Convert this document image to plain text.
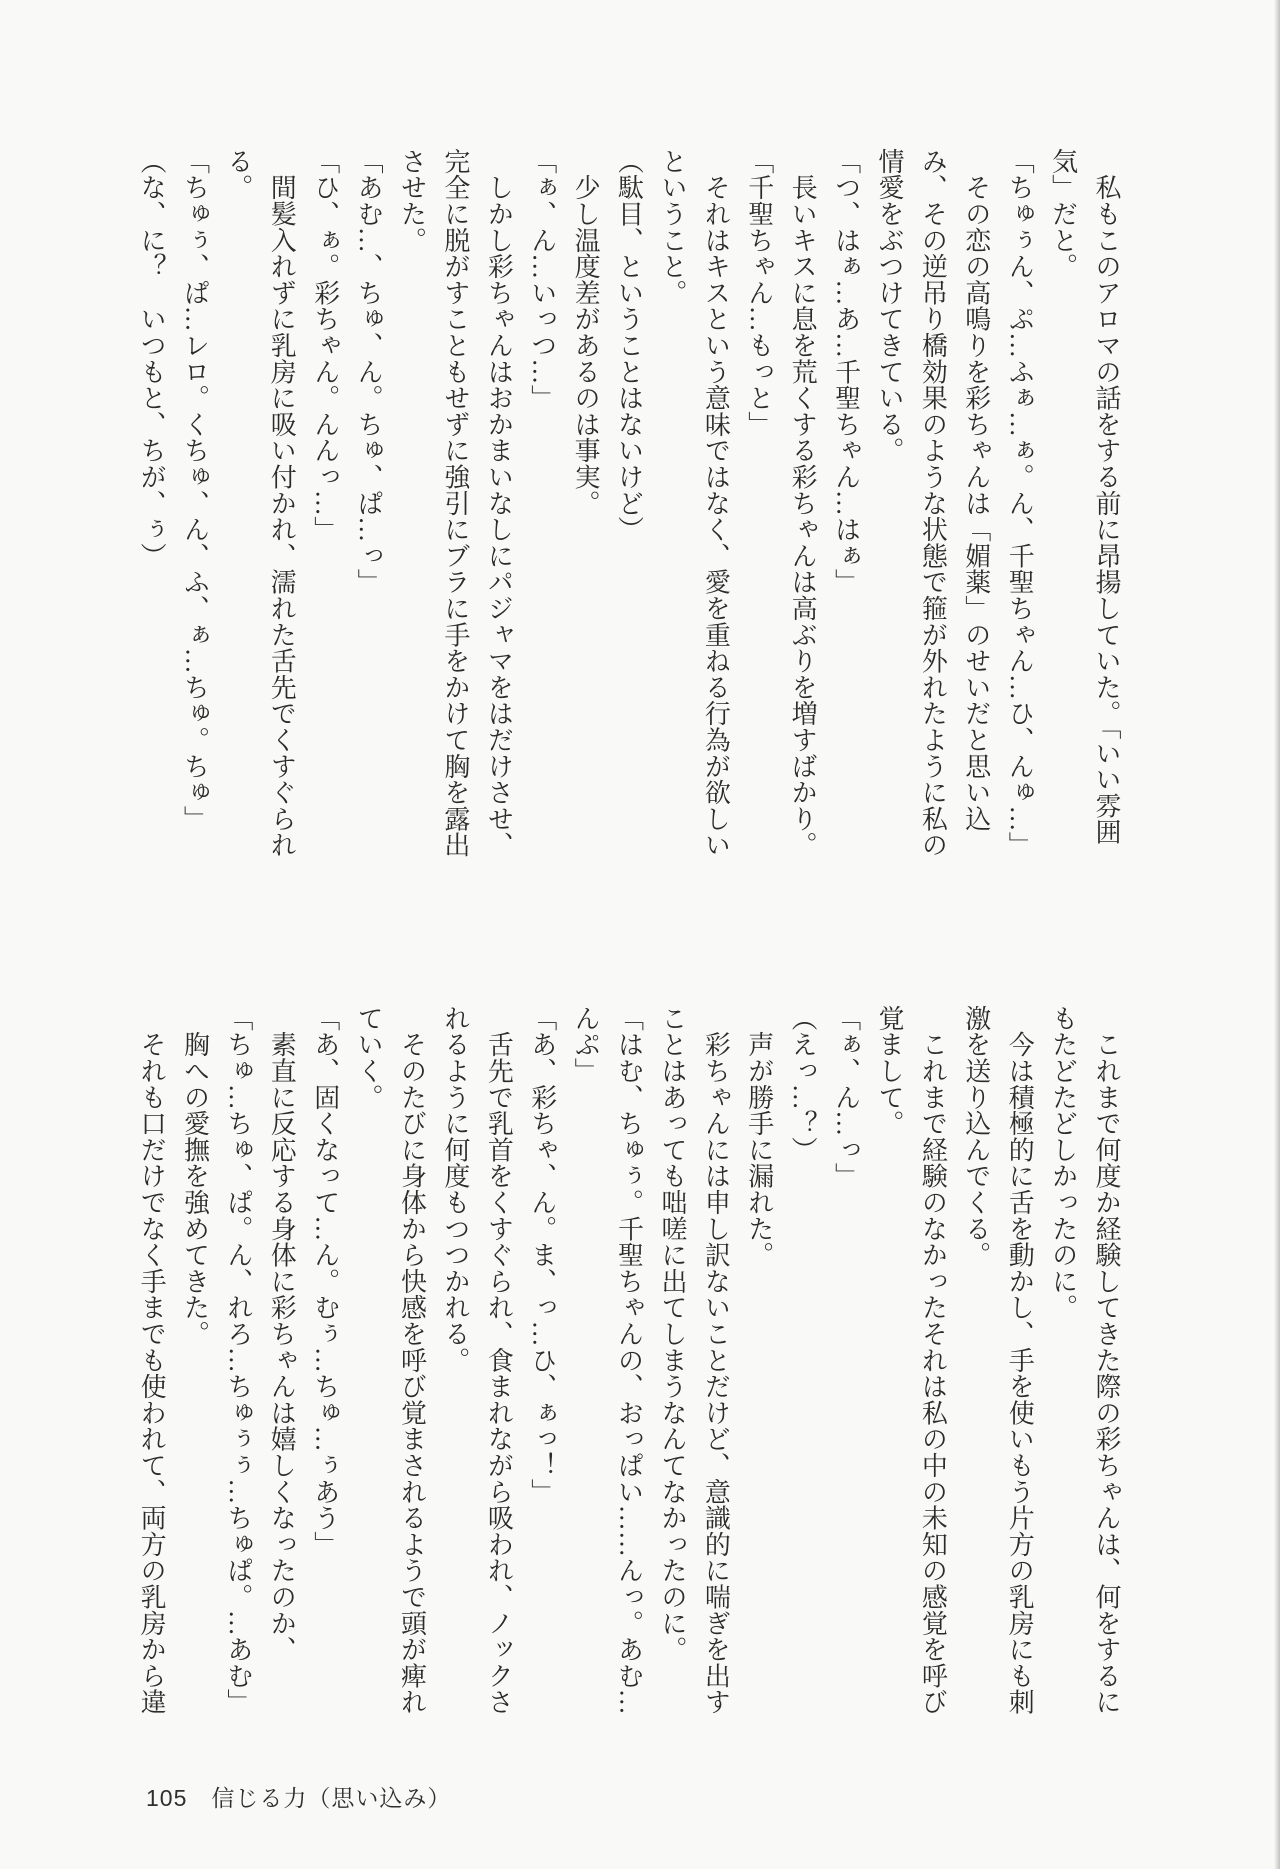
　私もこのアロマの話をする前に昂揚していた。「いい雰囲

気」だと。

「ちゅぅん、ぷ…ふぁ…ぁ。ん、千聖ちゃん…ひ、んゅ…」

　その恋の高鳴りを彩ちゃんは「媚薬」のせいだと思い込

み、その逆吊り橋効果のような状態で箍が外れたように私の

情愛をぶつけてきている。

「つ、はぁ…あ…千聖ちゃん…はぁ」

　長いキスに息を荒くする彩ちゃんは高ぶりを増すばかり。

「千聖ちゃん…もっと」

　それはキスという意味ではなく、愛を重ねる行為が欲しい

ということ。

（駄目、ということはないけど）

　少し温度差があるのは事実。

「ぁ、ん…いっつ…」

　しかし彩ちゃんはおかまいなしにパジャマをはだけさせ、

完全に脱がすこともせずに強引にブラに手をかけて胸を露出

させた。

「あむ…、ちゅ、ん。ちゅ、ぱ…っ」

「ひ、ぁ。彩ちゃん。んんっ…」

　間髪入れずに乳房に吸い付かれ、濡れた舌先でくすぐられ

る。

「ちゅぅ、ぱ…レロ。くちゅ、ん、ふ、ぁ…ちゅ。ちゅ」

（な、に？　いつもと、ちが、ぅ）

　これまで何度か経験してきた際の彩ちゃんは、何をするに

もたどたどしかったのに。

　今は積極的に舌を動かし、手を使いもう片方の乳房にも刺

激を送り込んでくる。

　これまで経験のなかったそれは私の中の未知の感覚を呼び

覚まして。

「ぁ、ん…っ」

（えっ…？）

　声が勝手に漏れた。

　彩ちゃんには申し訳ないことだけど、意識的に喘ぎを出す

ことはあっても咄嗟に出てしまうなんてなかったのに。

「はむ、ちゅぅ。千聖ちゃんの、おっぱい……んっ。あむ…

んぷ」

「あ、彩ちゃ、ん。ま、っ…ひ、ぁっ！」

　舌先で乳首をくすぐられ、食まれながら吸われ、ノックさ

れるように何度もつつかれる。

　そのたびに身体から快感を呼び覚まされるようで頭が痺れ

ていく。

「あ、固くなって…ん。むぅ…ちゅ…ぅあう」

　素直に反応する身体に彩ちゃんは嬉しくなったのか、

「ちゅ…ちゅ、ぱ。ん、れろ…ちゅぅぅ…ちゅぱ。…あむ」

　胸への愛撫を強めてきた。

　それも口だけでなく手までも使われて、両方の乳房から違

105 信じる力（思い込み）
